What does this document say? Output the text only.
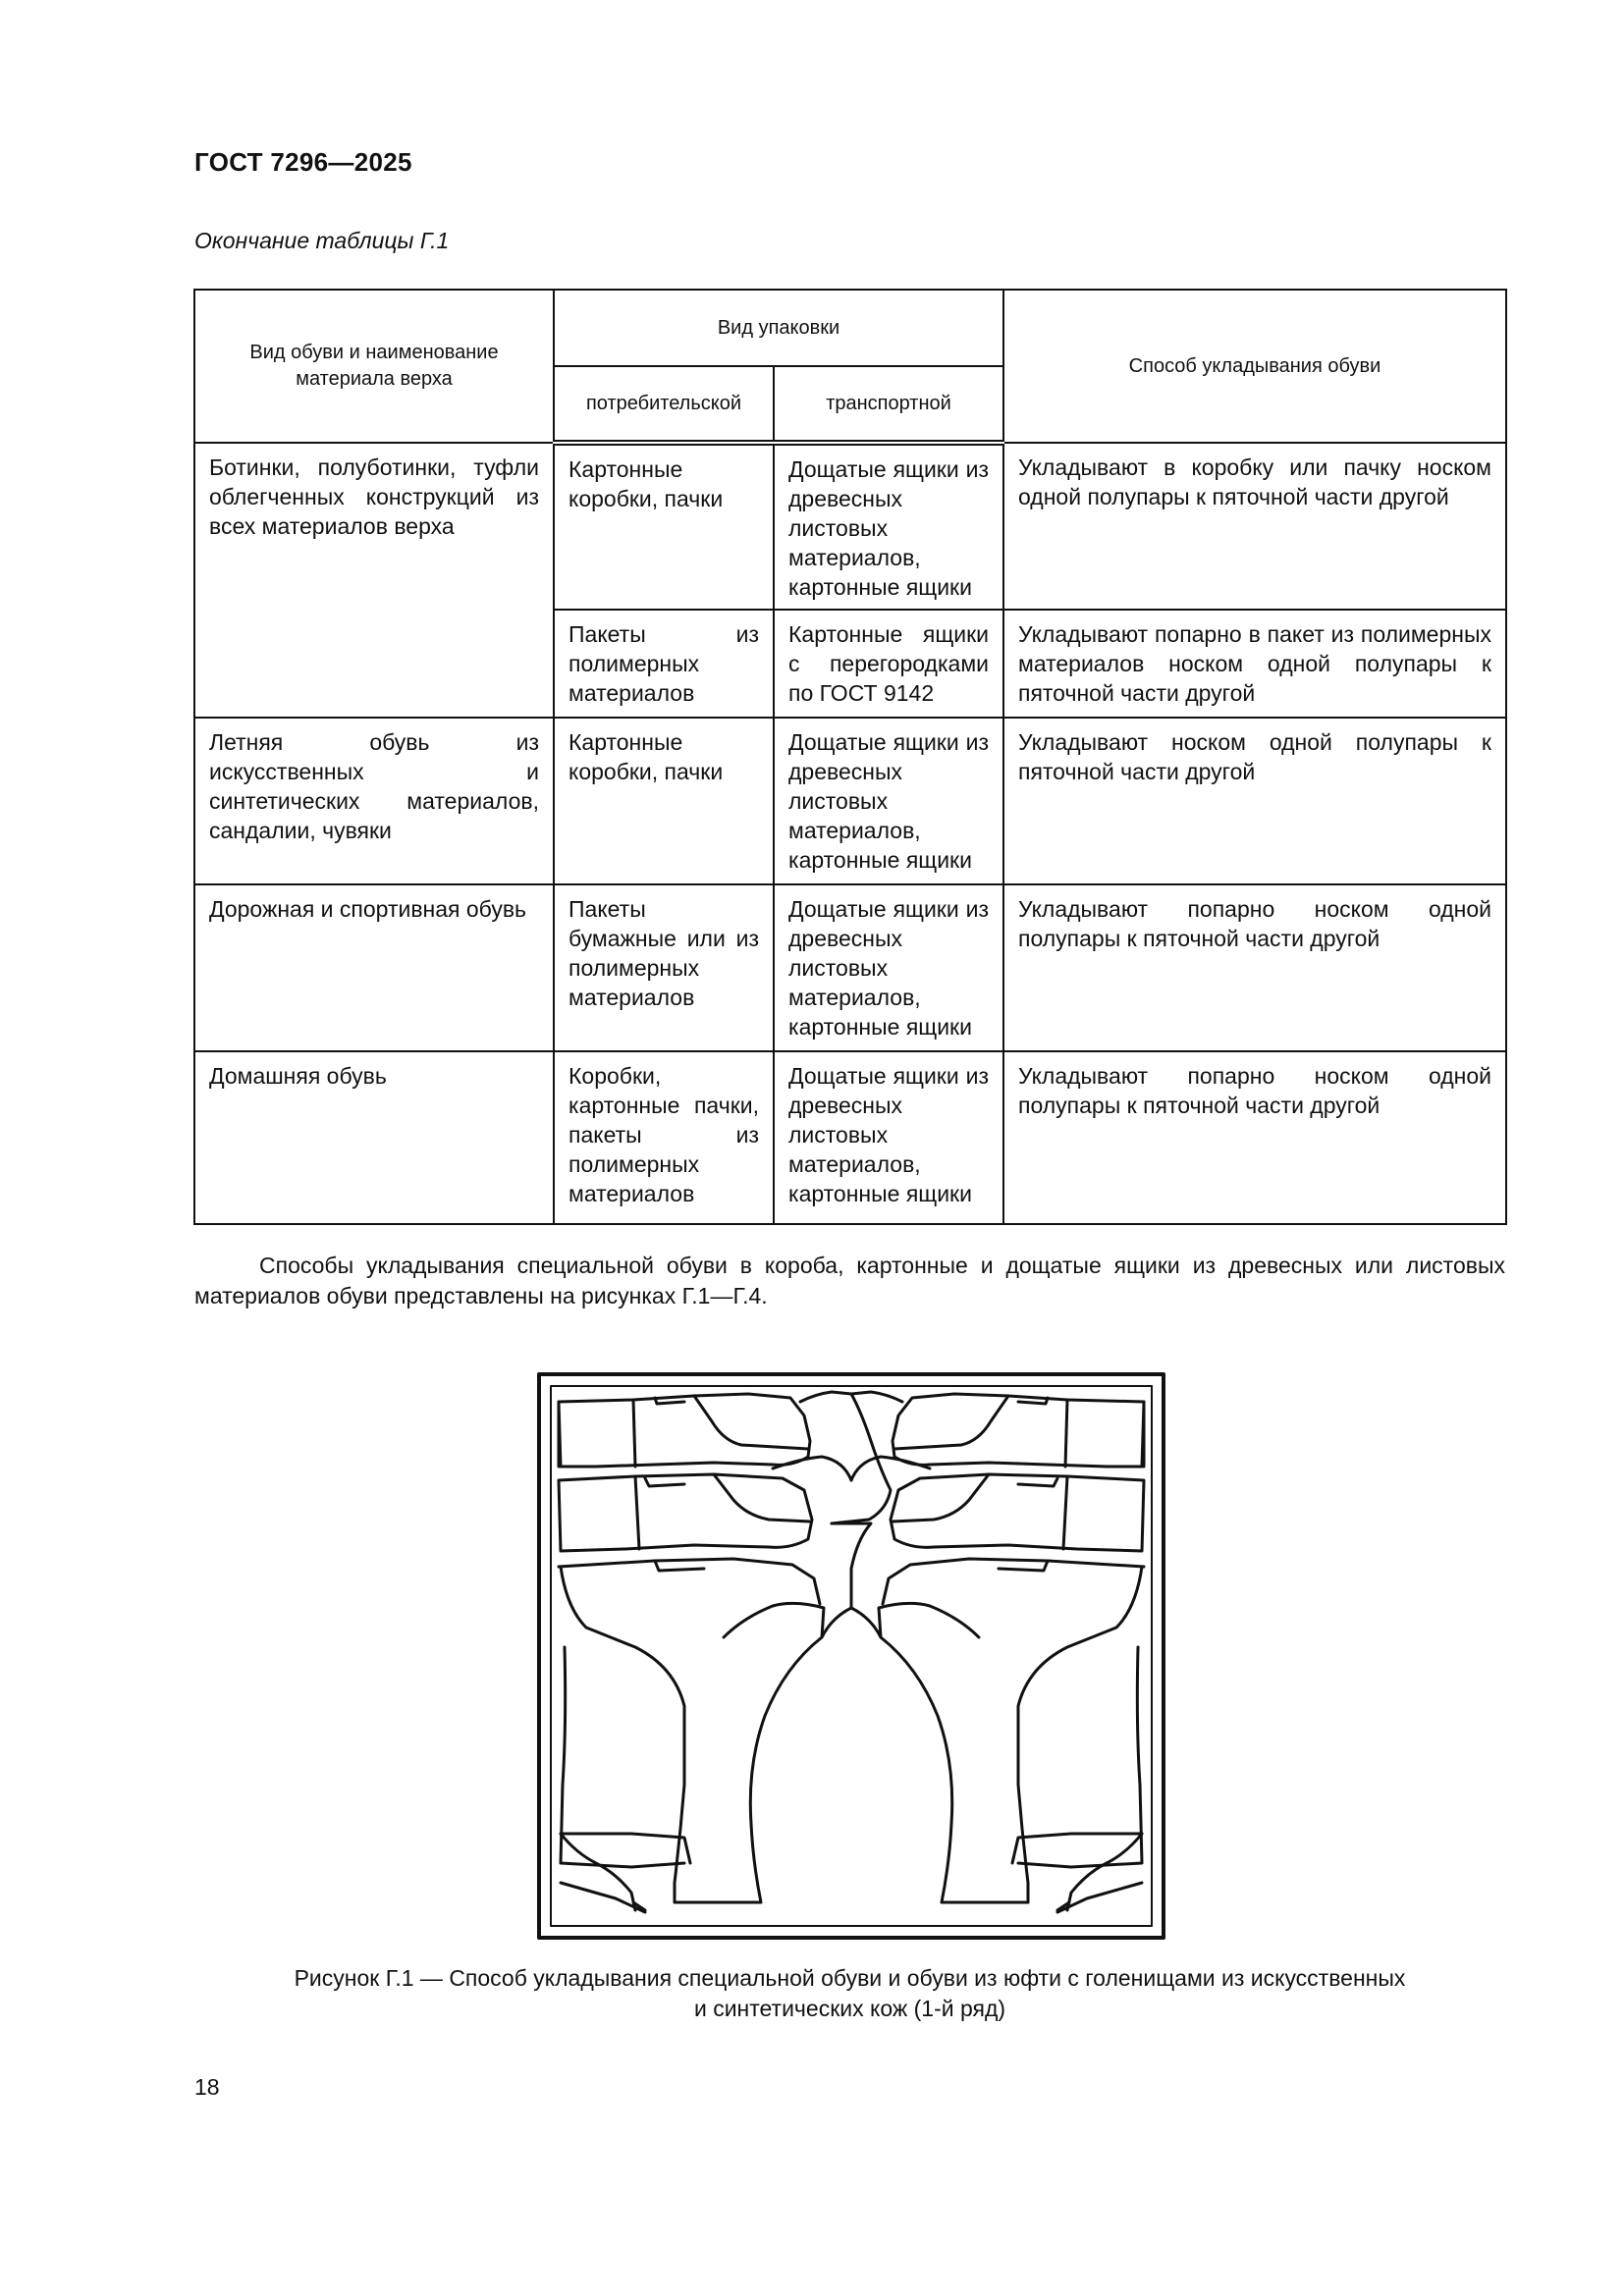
ГОСТ 7296—2025
Окончание таблицы Г.1
Вид обуви и наименование материала верха	Вид упаковки		Способ укладывания обуви
	потребительской	транспортной	
Ботинки, полуботинки, туфли облегченных конструкций из всех материалов верха	Картонные коробки, пачки	Дощатые ящики из древесных листовых материалов, картонные ящики	Укладывают в коробку или пачку носком одной полупары к пяточной части другой
	Пакеты из полимерных материалов	Картонные ящики с перегородками по ГОСТ 9142	Укладывают попарно в пакет из полимерных материалов носком одной полупары к пяточной части другой
Летняя обувь из искусственных и синтетических материалов, сандалии, чувяки	Картонные коробки, пачки	Дощатые ящики из древесных листовых материалов, картонные ящики	Укладывают носком одной полупары к пяточной части другой
Дорожная и спортивная обувь	Пакеты бумажные или из полимерных материалов	Дощатые ящики из древесных листовых материалов, картонные ящики	Укладывают попарно носком одной полупары к пяточной части другой
Домашняя обувь	Коробки, картонные пачки, пакеты из полимерных материалов	Дощатые ящики из древесных листовых материалов, картонные ящики	Укладывают попарно носком одной полупары к пяточной части другой
Способы укладывания специальной обуви в короба, картонные и дощатые ящики из древесных или листовых материалов обуви представлены на рисунках Г.1—Г.4.
Рисунок Г.1 — Способ укладывания специальной обуви и обуви из юфти с голенищами из искусственных
и синтетических кож (1-й ряд)
18
